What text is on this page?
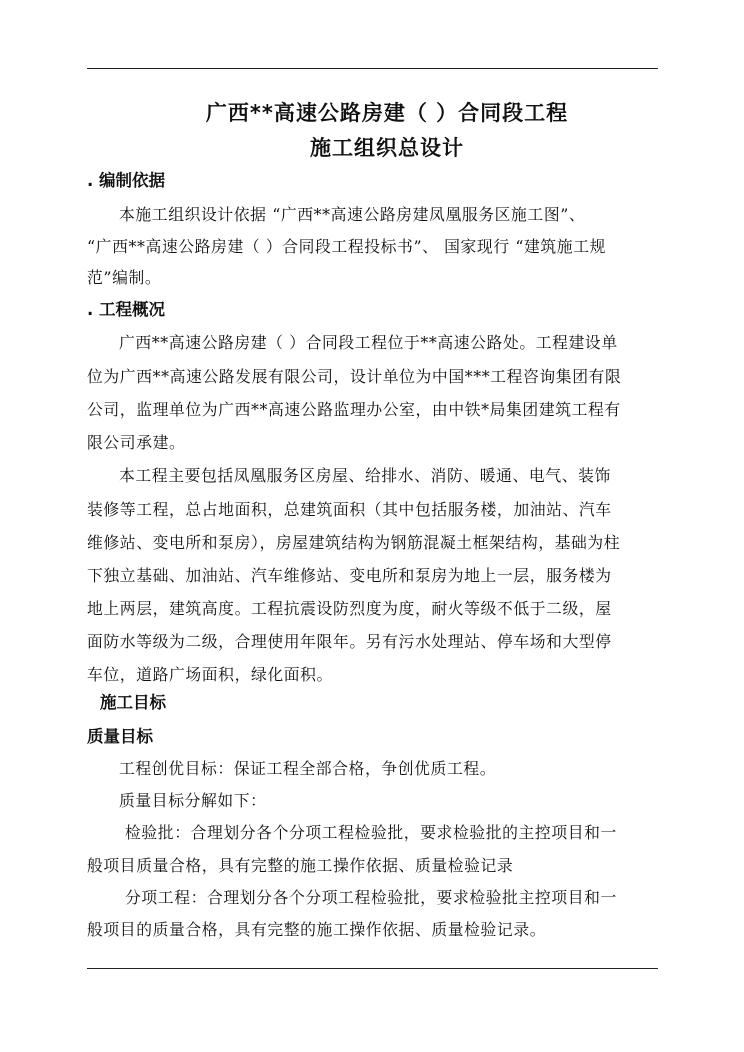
广西**高速公路房建（ ）合同段工程
施工组织总设计
. 编制依据
本施工组织设计依据 “广西**高速公路房建凤凰服务区施工图”、
“广西**高速公路房建（ ）合同段工程投标书”、 国家现行 “建筑施工规
范”编制。
. 工程概况
广西**高速公路房建（ ）合同段工程位于**高速公路处。工程建设单
位为广西**高速公路发展有限公司，设计单位为中国***工程咨询集团有限
公司，监理单位为广西**高速公路监理办公室，由中铁*局集团建筑工程有
限公司承建。
本工程主要包括凤凰服务区房屋、给排水、消防、暖通、电气、装饰
装修等工程，总占地面积，总建筑面积（其中包括服务楼，加油站、汽车
维修站、变电所和泵房），房屋建筑结构为钢筋混凝土框架结构，基础为柱
下独立基础、加油站、汽车维修站、变电所和泵房为地上一层，服务楼为
地上两层，建筑高度。工程抗震设防烈度为度，耐火等级不低于二级，屋
面防水等级为二级，合理使用年限年。另有污水处理站、停车场和大型停
车位，道路广场面积，绿化面积。
施工目标
质量目标
工程创优目标：保证工程全部合格，争创优质工程。
质量目标分解如下：
检验批：合理划分各个分项工程检验批，要求检验批的主控项目和一
般项目质量合格，具有完整的施工操作依据、质量检验记录
分项工程：合理划分各个分项工程检验批，要求检验批主控项目和一
般项目的质量合格，具有完整的施工操作依据、质量检验记录。
